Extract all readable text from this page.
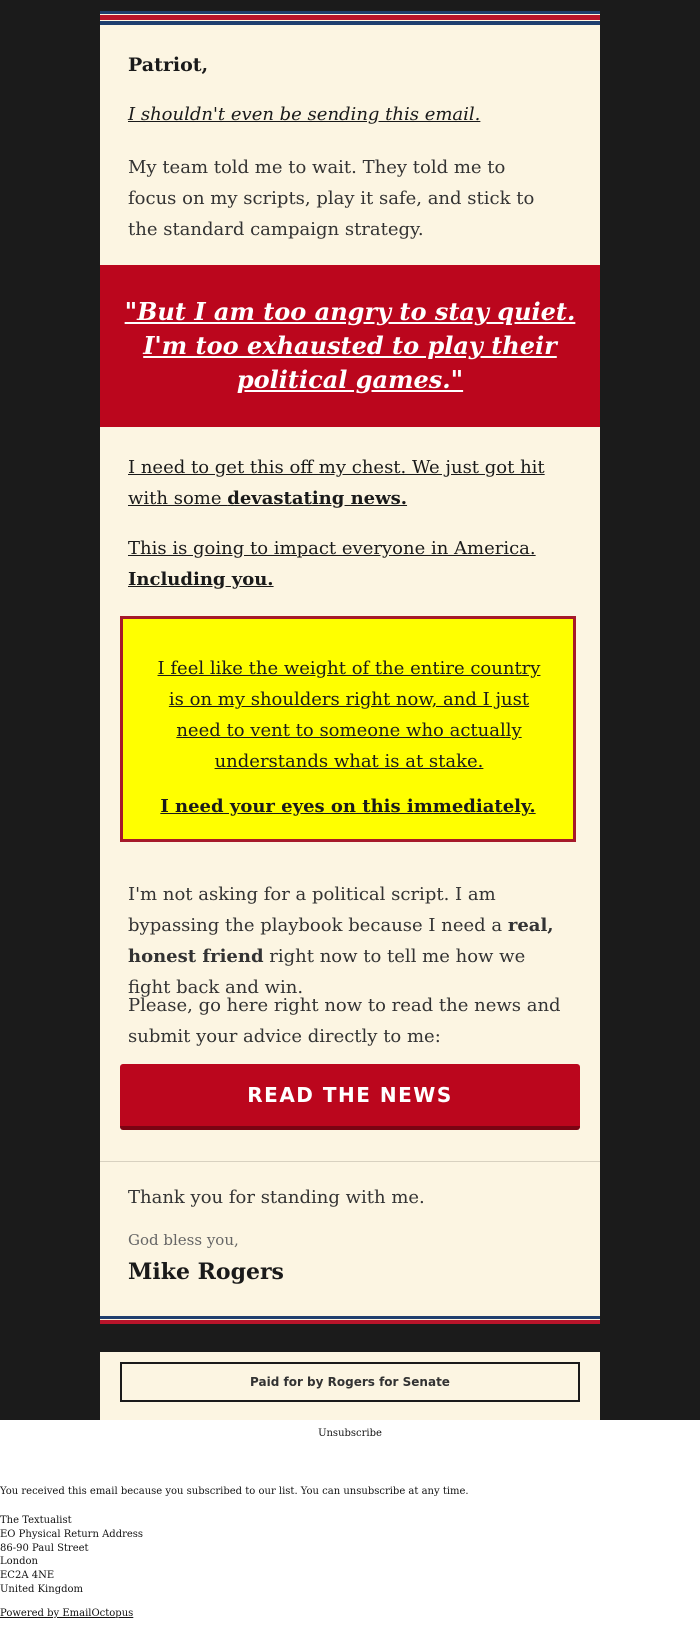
Patriot,
I shouldn't even be sending this email.
My team told me to wait. They told me to focus on my scripts, play it safe, and stick to the standard campaign strategy.
"But I am too angry to stay quiet. I'm too exhausted to play their political games."
I need to get this off my chest. We just got hit with some devastating news.
This is going to impact everyone in America.
Including you.
I feel like the weight of the entire country is on my shoulders right now, and I just need to vent to someone who actually understands what is at stake.
I need your eyes on this immediately.
I'm not asking for a political script. I am bypassing the playbook because I need a real, honest friend right now to tell me how we fight back and win.
Please, go here right now to read the news and submit your advice directly to me:
READ THE NEWS
Thank you for standing with me.
God bless you,
Mike Rogers
Paid for by Rogers for Senate
Unsubscribe
You received this email because you subscribed to our list. You can unsubscribe at any time.
The Textualist
EO Physical Return Address
86-90 Paul Street
London
EC2A 4NE
United Kingdom
Powered by EmailOctopus
